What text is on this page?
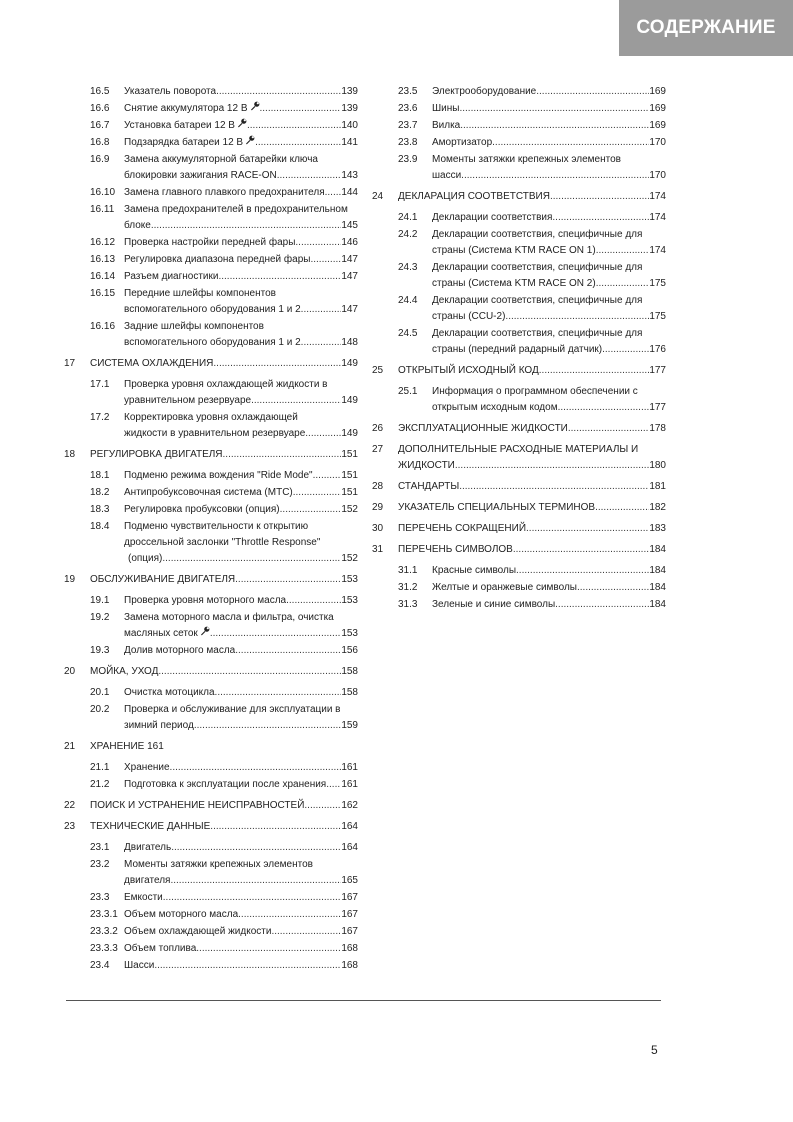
СОДЕРЖАНИЕ
16.5	Указатель поворота .....	139
16.6	Снятие аккумулятора 12 В .....	139
16.7	Установка батареи 12 В .....	140
16.8	Подзарядка батареи 12 В .....	141
16.9	Замена аккумуляторной батарейки ключа
блокировки зажигания RACE-ON .....	143
16.10 Замена главного плавкого предохранителя ..... 144
16.11 Замена предохранителей в предохранительном
блоке .....	145
16.12 Проверка настройки передней фары .....	146
16.13 Регулировка диапазона передней фары .....	147
16.14 Разъем диагностики .....	147
16.15 Передние шлейфы компонентов
вспомогательного оборудования 1 и 2 .....	147
16.16 Задние шлейфы компонентов
вспомогательного оборудования 1 и 2 .....	148
17	СИСТЕМА ОХЛАЖДЕНИЯ .....	149
17.1	Проверка уровня охлаждающей жидкости в
уравнительном резервуаре .....	149
17.2	Корректировка уровня охлаждающей
жидкости в уравнительном резервуаре .....	149
18	РЕГУЛИРОВКА ДВИГАТЕЛЯ .....	151
18.1	Подменю режима вождения "Ride Mode" .....	151
18.2	Антипробуксовочная система (MTC) .....	151
18.3	Регулировка пробуксовки (опция) .....	152
18.4	Подменю чувствительности к открытию
дроссельной заслонки "Throttle Response"
(опция) .....	152
19	ОБСЛУЖИВАНИЕ ДВИГАТЕЛЯ .....	153
19.1	Проверка уровня моторного масла .....	153
19.2	Замена моторного масла и фильтра, очистка
масляных сеток .....	153
19.3	Долив моторного масла .....	156
20	МОЙКА, УХОД .....	158
20.1	Очистка мотоцикла .....	158
20.2	Проверка и обслуживание для эксплуатации в
зимний период .....	159
21	ХРАНЕНИЕ 161
21.1	Хранение .....	161
21.2	Подготовка к эксплуатации после хранения ..... 161
22	ПОИСК И УСТРАНЕНИЕ НЕИСПРАВНОСТЕЙ .....	162
23	ТЕХНИЧЕСКИЕ ДАННЫЕ .....	164
23.1	Двигатель .....	164
23.2	Моменты затяжки крепежных элементов
двигателя .....	165
23.3	Емкости .....	167
23.3.1 Объем моторного масла .....	167
23.3.2 Объем охлаждающей жидкости .....	167
23.3.3 Объем топлива .....	168
23.4	Шасси .....	168
23.5	Электрооборудование .....	169
23.6	Шины .....	169
23.7	Вилка .....	169
23.8	Амортизатор .....	170
23.9	Моменты затяжки крепежных элементов
шасси .....	170
24	ДЕКЛАРАЦИЯ СООТВЕТСТВИЯ .....	174
24.1	Декларации соответствия .....	174
24.2	Декларации соответствия, специфичные для
страны (Система KTM RACE ON 1) .....	174
24.3	Декларации соответствия, специфичные для
страны (Система KTM RACE ON 2) .....	175
24.4	Декларации соответствия, специфичные для
страны (CCU-2) .....	175
24.5	Декларации соответствия, специфичные для
страны (передний радарный датчик) .....	176
25	ОТКРЫТЫЙ ИСХОДНЫЙ КОД .....	177
25.1	Информация о программном обеспечении с
открытым исходным кодом .....	177
26	ЭКСПЛУАТАЦИОННЫЕ ЖИДКОСТИ .....	178
27	ДОПОЛНИТЕЛЬНЫЕ РАСХОДНЫЕ МАТЕРИАЛЫ И
ЖИДКОСТИ .....	180
28	СТАНДАРТЫ .....	181
29	УКАЗАТЕЛЬ СПЕЦИАЛЬНЫХ ТЕРМИНОВ .....	182
30	ПЕРЕЧЕНЬ СОКРАЩЕНИЙ .....	183
31	ПЕРЕЧЕНЬ СИМВОЛОВ .....	184
31.1	Красные символы .....	184
31.2	Желтые и оранжевые символы .....	184
31.3	Зеленые и синие символы .....	184
5
